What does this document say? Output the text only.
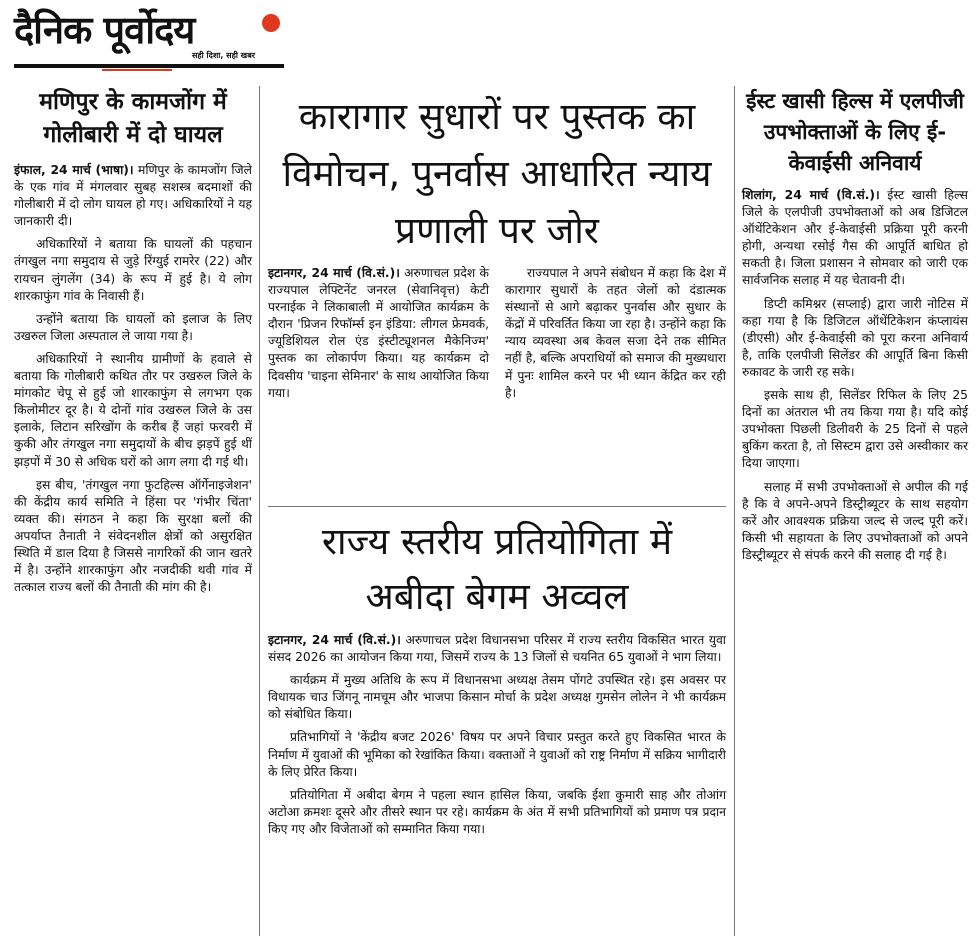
दैनिक पूर्वोदय
सही दिशा, सही खबर
मणिपुर के कामजोंग में गोलीबारी में दो घायल

इंफाल, 24 मार्च (भाषा)। मणिपुर के कामजोंग जिले के एक गांव में मंगलवार सुबह सशस्त्र बदमाशों की गोलीबारी में दो लोग घायल हो गए। अधिकारियों ने यह जानकारी दी।

अधिकारियों ने बताया कि घायलों की पहचान तंगखुल नगा समुदाय से जुड़े रिंग्युई रामरेर (22) और रायचन लुंगलेंग (34) के रूप में हुई है। ये लोग शारकाफुंग गांव के निवासी हैं।

उन्होंने बताया कि घायलों को इलाज के लिए उखरुल जिला अस्पताल ले जाया गया है।

अधिकारियों ने स्थानीय ग्रामीणों के हवाले से बताया कि गोलीबारी कथित तौर पर उखरुल जिले के मांगकोट चेपू से हुई जो शारकाफुंग से लगभग एक किलोमीटर दूर है। ये दोनों गांव उखरुल जिले के उस इलाके, लिटान सरिखोंग के करीब हैं जहां फरवरी में कुकी और तंगखुल नगा समुदायों के बीच झड़पें हुई थीं झड़पों में 30 से अधिक घरों को आग लगा दी गई थी।

इस बीच, 'तंगखुल नगा फुटहिल्स ऑर्गेनाइजेशन' की केंद्रीय कार्य समिति ने हिंसा पर 'गंभीर चिंता' व्यक्त की। संगठन ने कहा कि सुरक्षा बलों की अपर्याप्त तैनाती ने संवेदनशील क्षेत्रों को असुरक्षित स्थिति में डाल दिया है जिससे नागरिकों की जान खतरे में है। उन्होंने शारकाफुंग और नजदीकी थवी गांव में तत्काल राज्य बलों की तैनाती की मांग की है।

कारागार सुधारों पर पुस्तक का विमोचन, पुनर्वास आधारित न्याय प्रणाली पर जोर

इटानगर, 24 मार्च (वि.सं.)। अरुणाचल प्रदेश के राज्यपाल लेफ्टिनेंट जनरल (सेवानिवृत्त) केटी परनाईक ने लिकाबाली में आयोजित कार्यक्रम के दौरान 'प्रिजन रिफॉर्म्स इन इंडिया: लीगल फ्रेमवर्क, ज्यूडिशियल रोल एंड इंस्टीट्यूशनल मैकेनिज्म' पुस्तक का लोकार्पण किया। यह कार्यक्रम दो दिवसीय 'चाइना सेमिनार' के साथ आयोजित किया गया।

राज्यपाल ने अपने संबोधन में कहा कि देश में कारागार सुधारों के तहत जेलों को दंडात्मक संस्थानों से आगे बढ़ाकर पुनर्वास और सुधार के केंद्रों में परिवर्तित किया जा रहा है। उन्होंने कहा कि न्याय व्यवस्था अब केवल सजा देने तक सीमित नहीं है, बल्कि अपराधियों को समाज की मुख्यधारा में पुनः शामिल करने पर भी ध्यान केंद्रित कर रही है।

राज्य स्तरीय प्रतियोगिता में अबीदा बेगम अव्वल

इटानगर, 24 मार्च (वि.सं.)। अरुणाचल प्रदेश विधानसभा परिसर में राज्य स्तरीय विकसित भारत युवा संसद 2026 का आयोजन किया गया, जिसमें राज्य के 13 जिलों से चयनित 65 युवाओं ने भाग लिया।

कार्यक्रम में मुख्य अतिथि के रूप में विधानसभा अध्यक्ष तेसम पोंगटे उपस्थित रहे। इस अवसर पर विधायक चाउ जिंगनू नामचूम और भाजपा किसान मोर्चा के प्रदेश अध्यक्ष गुमसेन लोलेन ने भी कार्यक्रम को संबोधित किया।

प्रतिभागियों ने 'केंद्रीय बजट 2026' विषय पर अपने विचार प्रस्तुत करते हुए विकसित भारत के निर्माण में युवाओं की भूमिका को रेखांकित किया। वक्ताओं ने युवाओं को राष्ट्र निर्माण में सक्रिय भागीदारी के लिए प्रेरित किया।

प्रतियोगिता में अबीदा बेगम ने पहला स्थान हासिल किया, जबकि ईशा कुमारी साह और तोआंग अटोआ क्रमशः दूसरे और तीसरे स्थान पर रहे। कार्यक्रम के अंत में सभी प्रतिभागियों को प्रमाण पत्र प्रदान किए गए और विजेताओं को सम्मानित किया गया।

ईस्ट खासी हिल्स में एलपीजी उपभोक्ताओं के लिए ई-केवाईसी अनिवार्य

शिलांग, 24 मार्च (वि.सं.)। ईस्ट खासी हिल्स जिले के एलपीजी उपभोक्ताओं को अब डिजिटल ऑथेंटिकेशन और ई-केवाईसी प्रक्रिया पूरी करनी होगी, अन्यथा रसोई गैस की आपूर्ति बाधित हो सकती है। जिला प्रशासन ने सोमवार को जारी एक सार्वजनिक सलाह में यह चेतावनी दी।

डिप्टी कमिश्नर (सप्लाई) द्वारा जारी नोटिस में कहा गया है कि डिजिटल ऑथेंटिकेशन कंप्लायंस (डीएसी) और ई-केवाईसी को पूरा करना अनिवार्य है, ताकि एलपीजी सिलेंडर की आपूर्ति बिना किसी रुकावट के जारी रह सके।

इसके साथ ही, सिलेंडर रिफिल के लिए 25 दिनों का अंतराल भी तय किया गया है। यदि कोई उपभोक्ता पिछली डिलीवरी के 25 दिनों से पहले बुकिंग करता है, तो सिस्टम द्वारा उसे अस्वीकार कर दिया जाएगा।

सलाह में सभी उपभोक्ताओं से अपील की गई है कि वे अपने-अपने डिस्ट्रीब्यूटर के साथ सहयोग करें और आवश्यक प्रक्रिया जल्द से जल्द पूरी करें। किसी भी सहायता के लिए उपभोक्ताओं को अपने डिस्ट्रीब्यूटर से संपर्क करने की सलाह दी गई है।
